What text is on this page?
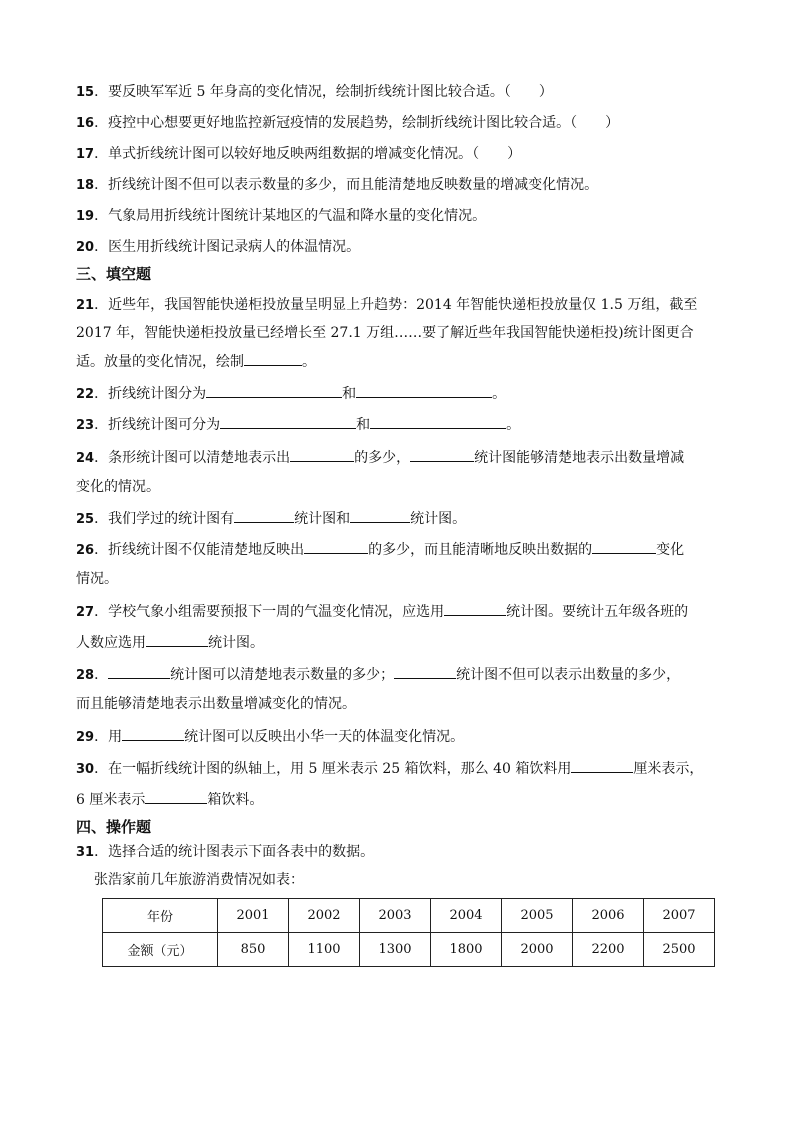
15．要反映军军近 5 年身高的变化情况，绘制折线统计图比较合适。（　　）
16．疫控中心想要更好地监控新冠疫情的发展趋势，绘制折线统计图比较合适。（　　）
17．单式折线统计图可以较好地反映两组数据的增减变化情况。（　　）
18．折线统计图不但可以表示数量的多少，而且能清楚地反映数量的增减变化情况。
19．气象局用折线统计图统计某地区的气温和降水量的变化情况。
20．医生用折线统计图记录病人的体温情况。
三、填空题
21．近些年，我国智能快递柜投放量呈明显上升趋势：2014 年智能快递柜投放量仅 1.5 万组，截至
2017 年，智能快递柜投放量已经增长至 27.1 万组……要了解近些年我国智能快递柜投)统计图更合
适。放量的变化情况，绘制	。
22．折线统计图分为	和	。
23．折线统计图可分为	和	。
24．条形统计图可以清楚地表示出	的多少，	统计图能够清楚地表示出数量增减
变化的情况。
25．我们学过的统计图有	统计图和	统计图。
26．折线统计图不仅能清楚地反映出	的多少，而且能清晰地反映出数据的	变化
情况。
27．学校气象小组需要预报下一周的气温变化情况，应选用	统计图。要统计五年级各班的
人数应选用	统计图。
28．	统计图可以清楚地表示数量的多少；	统计图不但可以表示出数量的多少，
而且能够清楚地表示出数量增减变化的情况。
29．用	统计图可以反映出小华一天的体温变化情况。
30．在一幅折线统计图的纵轴上，用 5 厘米表示 25 箱饮料，那么 40 箱饮料用	厘米表示，
6 厘米表示	箱饮料。
四、操作题
31．选择合适的统计图表示下面各表中的数据。
张浩家前几年旅游消费情况如表：
年份	2001	2002	2003	2004	2005	2006	2007
金额（元）	850	1100	1300	1800	2000	2200	2500
